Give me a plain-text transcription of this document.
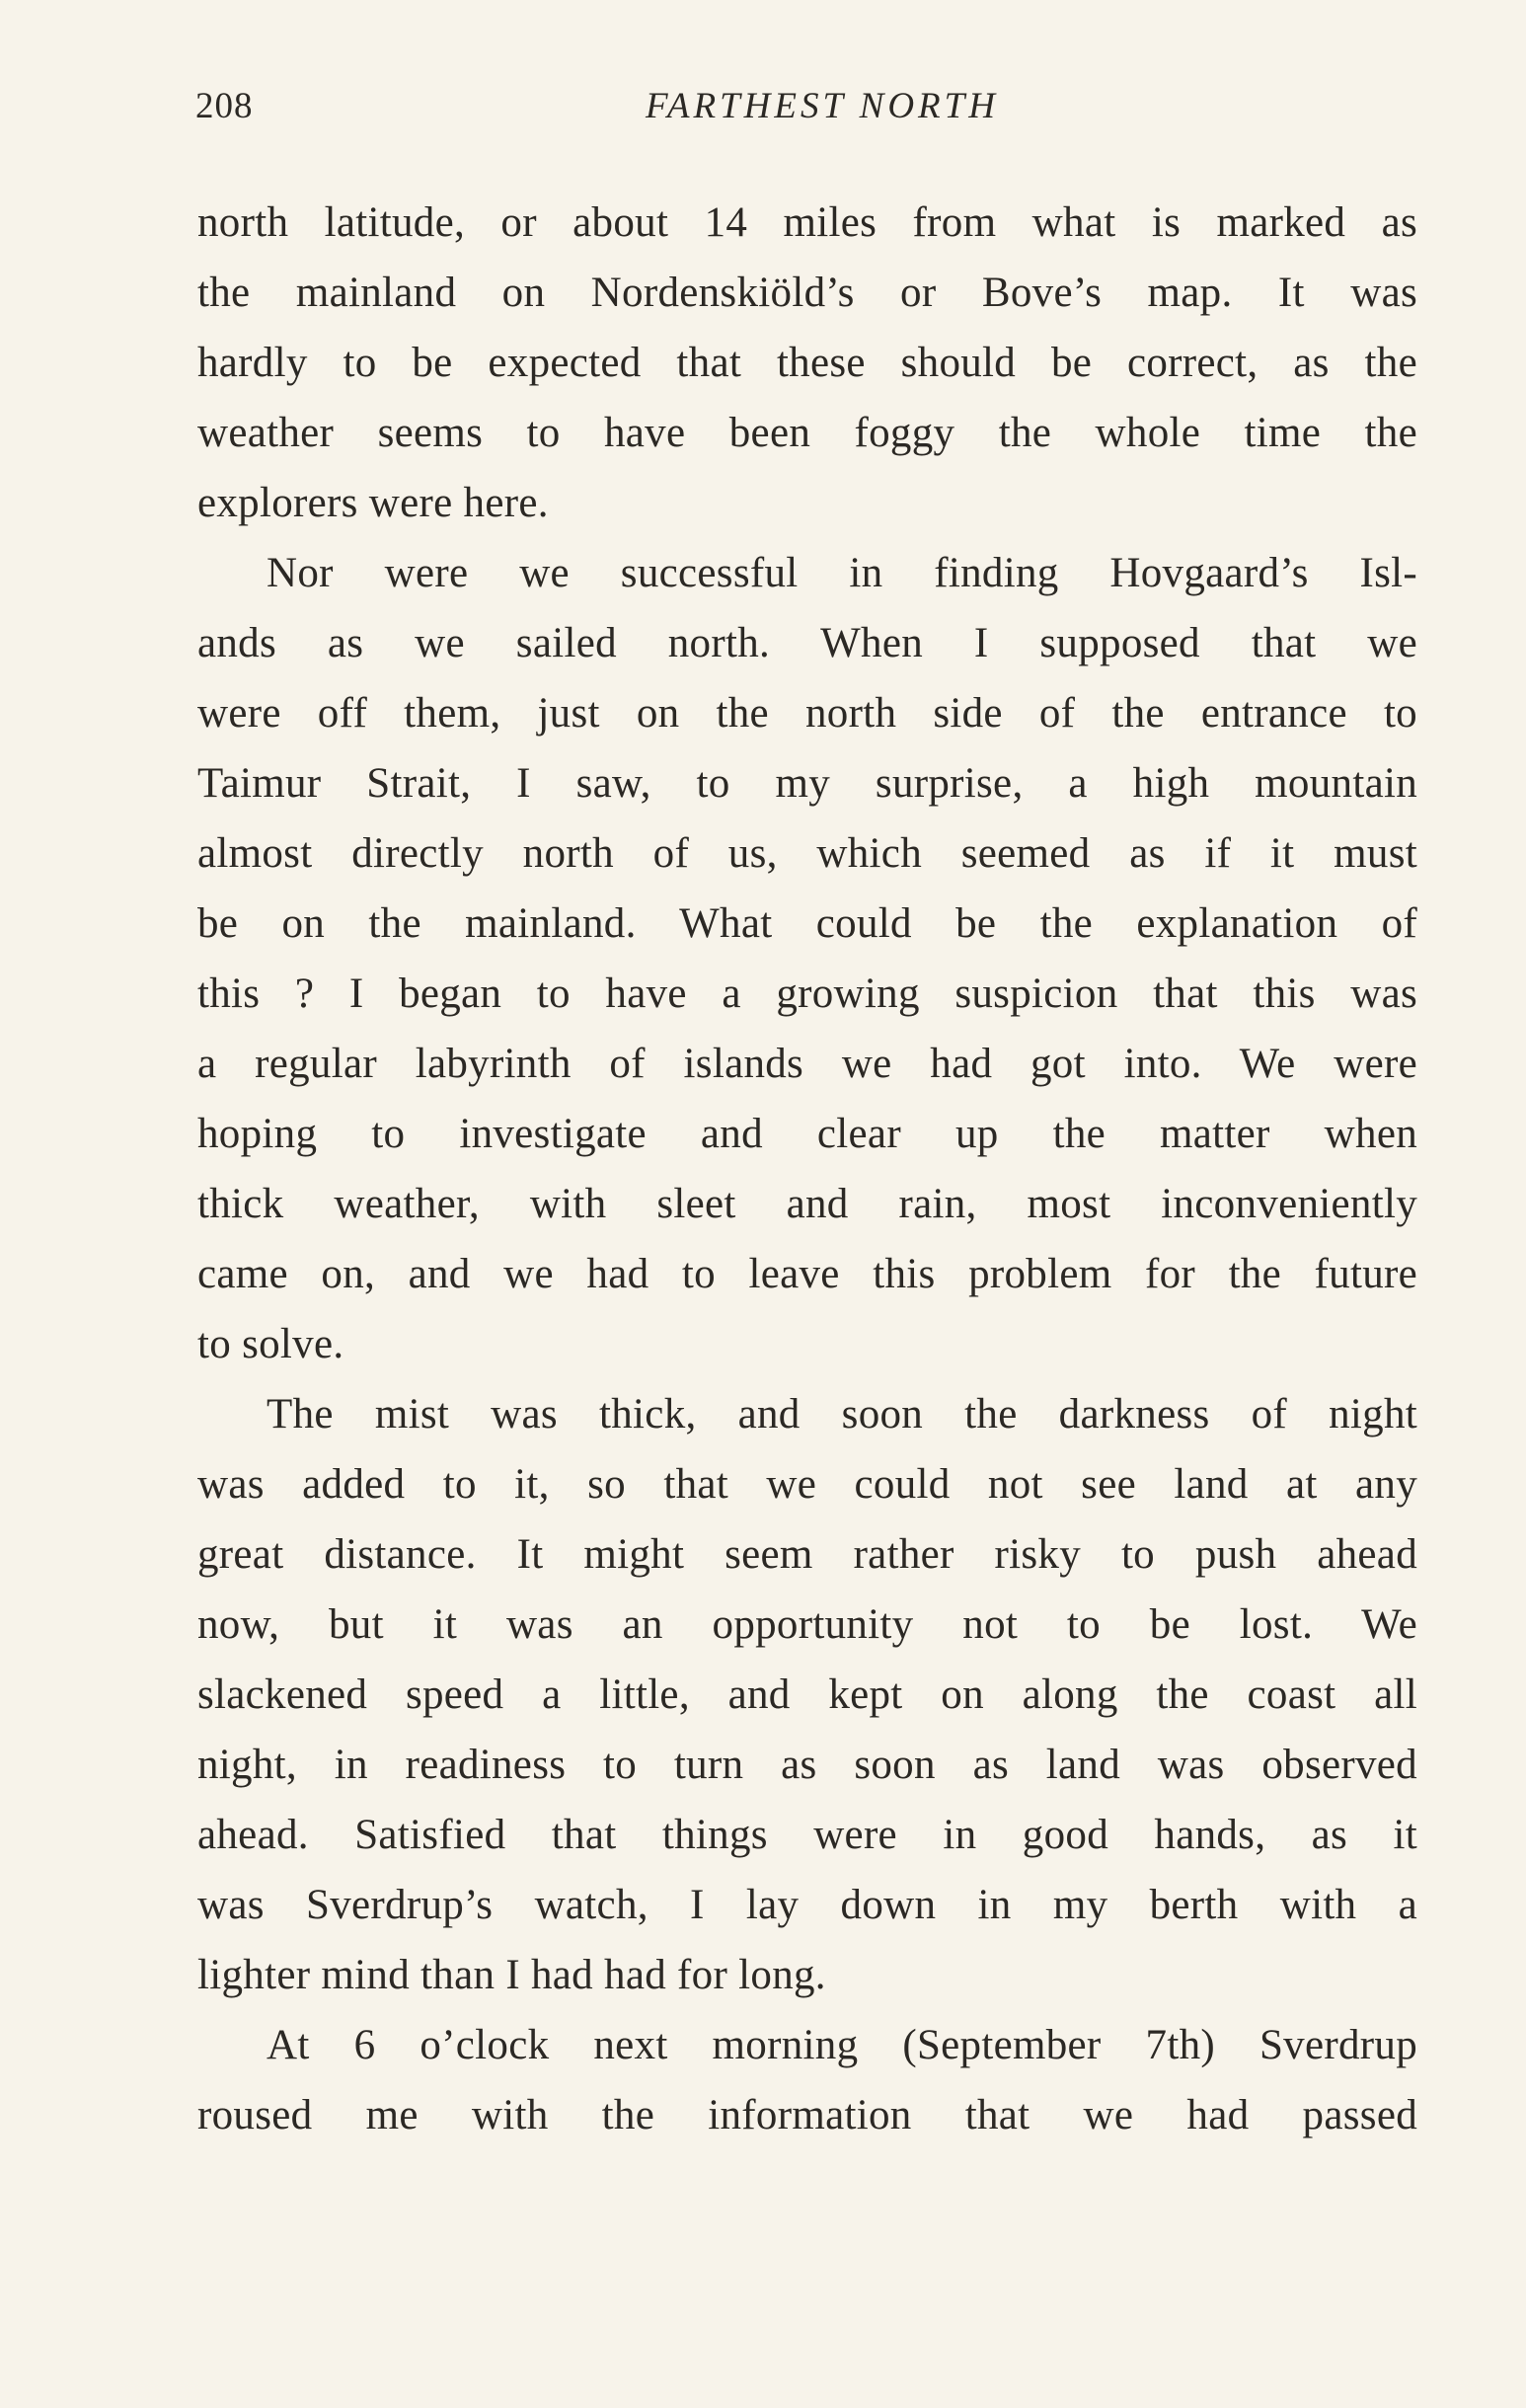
208	FARTHEST NORTH
north latitude, or about 14 miles from what is marked as
the mainland on Nordenskiöld’s or Bove’s map. It was
hardly to be expected that these should be correct, as the
weather seems to have been foggy the whole time the
explorers were here.
Nor were we successful in finding Hovgaard’s Isl-
ands as we sailed north. When I supposed that we
were off them, just on the north side of the entrance to
Taimur Strait, I saw, to my surprise, a high mountain
almost directly north of us, which seemed as if it must
be on the mainland. What could be the explanation of
this ? I began to have a growing suspicion that this was
a regular labyrinth of islands we had got into. We were
hoping to investigate and clear up the matter when
thick weather, with sleet and rain, most inconveniently
came on, and we had to leave this problem for the future
to solve.
The mist was thick, and soon the darkness of night
was added to it, so that we could not see land at any
great distance. It might seem rather risky to push ahead
now, but it was an opportunity not to be lost. We
slackened speed a little, and kept on along the coast all
night, in readiness to turn as soon as land was observed
ahead. Satisfied that things were in good hands, as it
was Sverdrup’s watch, I lay down in my berth with a
lighter mind than I had had for long.
At 6 o’clock next morning (September 7th) Sverdrup
roused me with the information that we had passed
